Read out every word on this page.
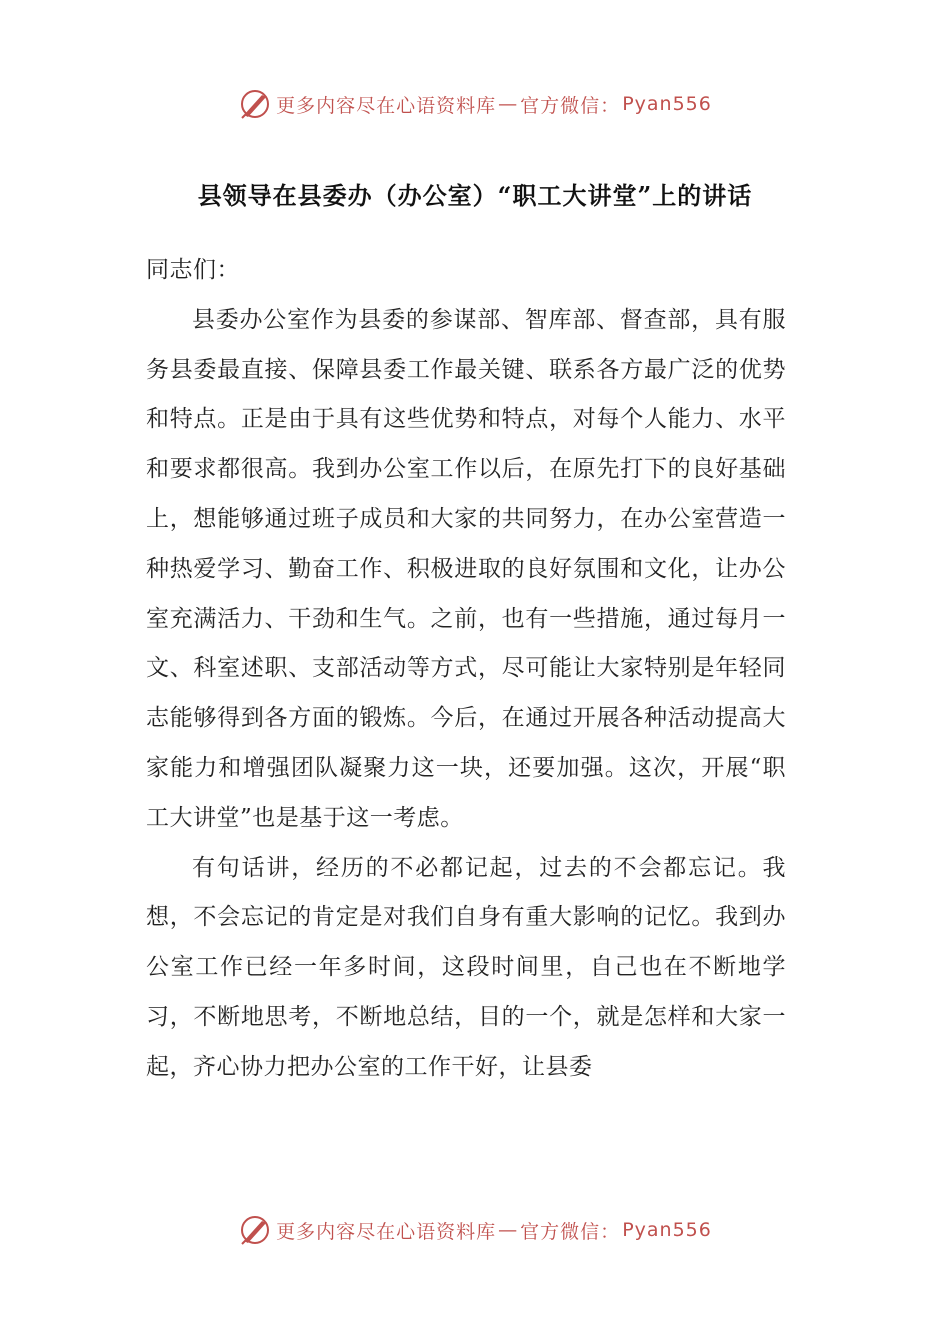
更多内容尽在心语资料库 — 官方微信： Pyan556
县领导在县委办（办公室）“职工大讲堂”上的讲话

同志们：

县委办公室作为县委的参谋部、智库部、督查部，具有服务县委最直接、保障县委工作最关键、联系各方最广泛的优势和特点。正是由于具有这些优势和特点，对每个人能力、水平和要求都很高。我到办公室工作以后，在原先打下的良好基础上，想能够通过班子成员和大家的共同努力，在办公室营造一种热爱学习、勤奋工作、积极进取的良好氛围和文化，让办公室充满活力、干劲和生气。之前，也有一些措施，通过每月一文、科室述职、支部活动等方式，尽可能让大家特别是年轻同志能够得到各方面的锻炼。今后，在通过开展各种活动提高大家能力和增强团队凝聚力这一块，还要加强。这次，开展“职工大讲堂”也是基于这一考虑。

有句话讲，经历的不必都记起，过去的不会都忘记。我想，不会忘记的肯定是对我们自身有重大影响的记忆。我到办公室工作已经一年多时间，这段时间里，自己也在不断地学习，不断地思考，不断地总结，目的一个，就是怎样和大家一起，齐心协力把办公室的工作干好，让县委

更多内容尽在心语资料库 — 官方微信： Pyan556
